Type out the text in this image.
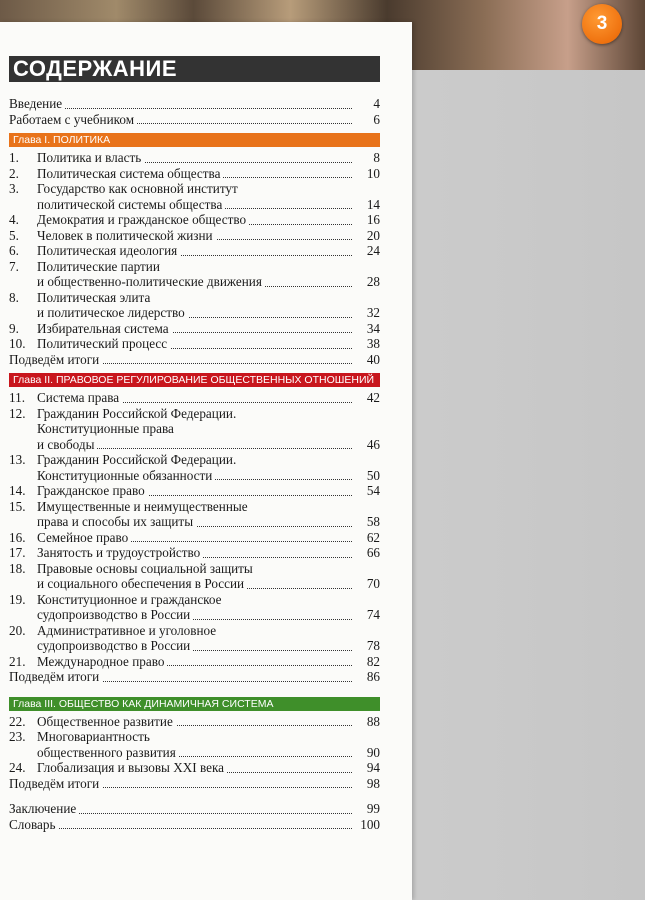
3
СОДЕРЖАНИЕ
Введение	4
Работаем с учебником	6
Глава I. ПОЛИТИКА
1.	Политика и власть	8
2.	Политическая система общества	10
3.	Государство как основной институт
политической системы общества	14
4.	Демократия и гражданское общество	16
5.	Человек в политической жизни	20
6.	Политическая идеология	24
7.	Политические партии
и общественно-политические движения	28
8.	Политическая элита
и политическое лидерство	32
9.	Избирательная система	34
10. Политический процесс	38
Подведём итоги	40
Глава II. ПРАВОВОЕ РЕГУЛИРОВАНИЕ ОБЩЕСТВЕННЫХ ОТНОШЕНИЙ
11. Система права	42
12. Гражданин Российской Федерации.
Конституционные права
и свободы	46
13. Гражданин Российской Федерации.
Конституционные обязанности	50
14. Гражданское право	54
15. Имущественные и неимущественные
права и способы их защиты	58
16. Семейное право	62
17. Занятость и трудоустройство	66
18. Правовые основы социальной защиты
и социального обеспечения в России	70
19. Конституционное и гражданское
судопроизводство в России	74
20. Административное и уголовное
судопроизводство в России	78
21. Международное право	82
Подведём итоги	86
Глава III. ОБЩЕСТВО КАК ДИНАМИЧНАЯ СИСТЕМА
22. Общественное развитие	88
23. Многовариантность
общественного развития	90
24. Глобализация и вызовы XXI века	94
Подведём итоги	98
Заключение	99
Словарь	100
